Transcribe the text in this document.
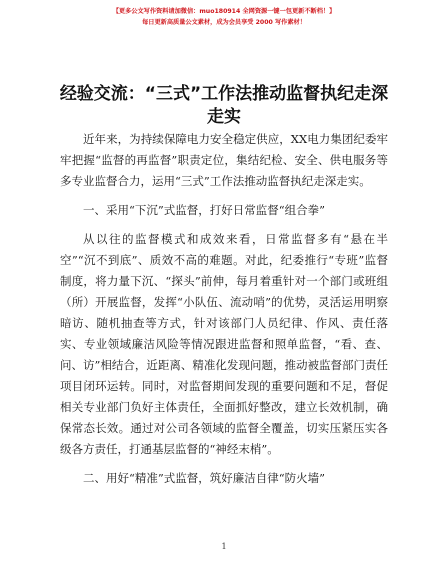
【更多公文写作资料请加微信：muo180914 全网资源一键一包更新不断档！】
每日更新高质量公文素材，成为会员享受 2000 写作素材！
经验交流：“三式”工作法推动监督执纪走深走实

近年来，为持续保障电力安全稳定供应，XX电力集团纪委牢牢把握“监督的再监督”职责定位，集结纪检、安全、供电服务等多专业监督合力，运用“三式”工作法推动监督执纪走深走实。

一、采用“下沉”式监督，打好日常监督“组合拳”

从以往的监督模式和成效来看，日常监督多有“悬在半空”“沉不到底”、质效不高的难题。对此，纪委推行“专班”监督制度，将力量下沉、“探头”前伸，每月着重针对一个部门或班组（所）开展监督，发挥“小队伍、流动哨”的优势，灵活运用明察暗访、随机抽查等方式，针对该部门人员纪律、作风、责任落实、专业领域廉洁风险等情况跟进监督和照单监督，“看、查、问、访”相结合，近距离、精准化发现问题，推动被监督部门责任项目闭环运转。同时，对监督期间发现的重要问题和不足，督促相关专业部门负好主体责任，全面抓好整改，建立长效机制，确保常态长效。通过对公司各领域的监督全覆盖，切实压紧压实各级各方责任，打通基层监督的“神经末梢”。

二、用好“精准”式监督，筑好廉洁自律“防火墙”

1
